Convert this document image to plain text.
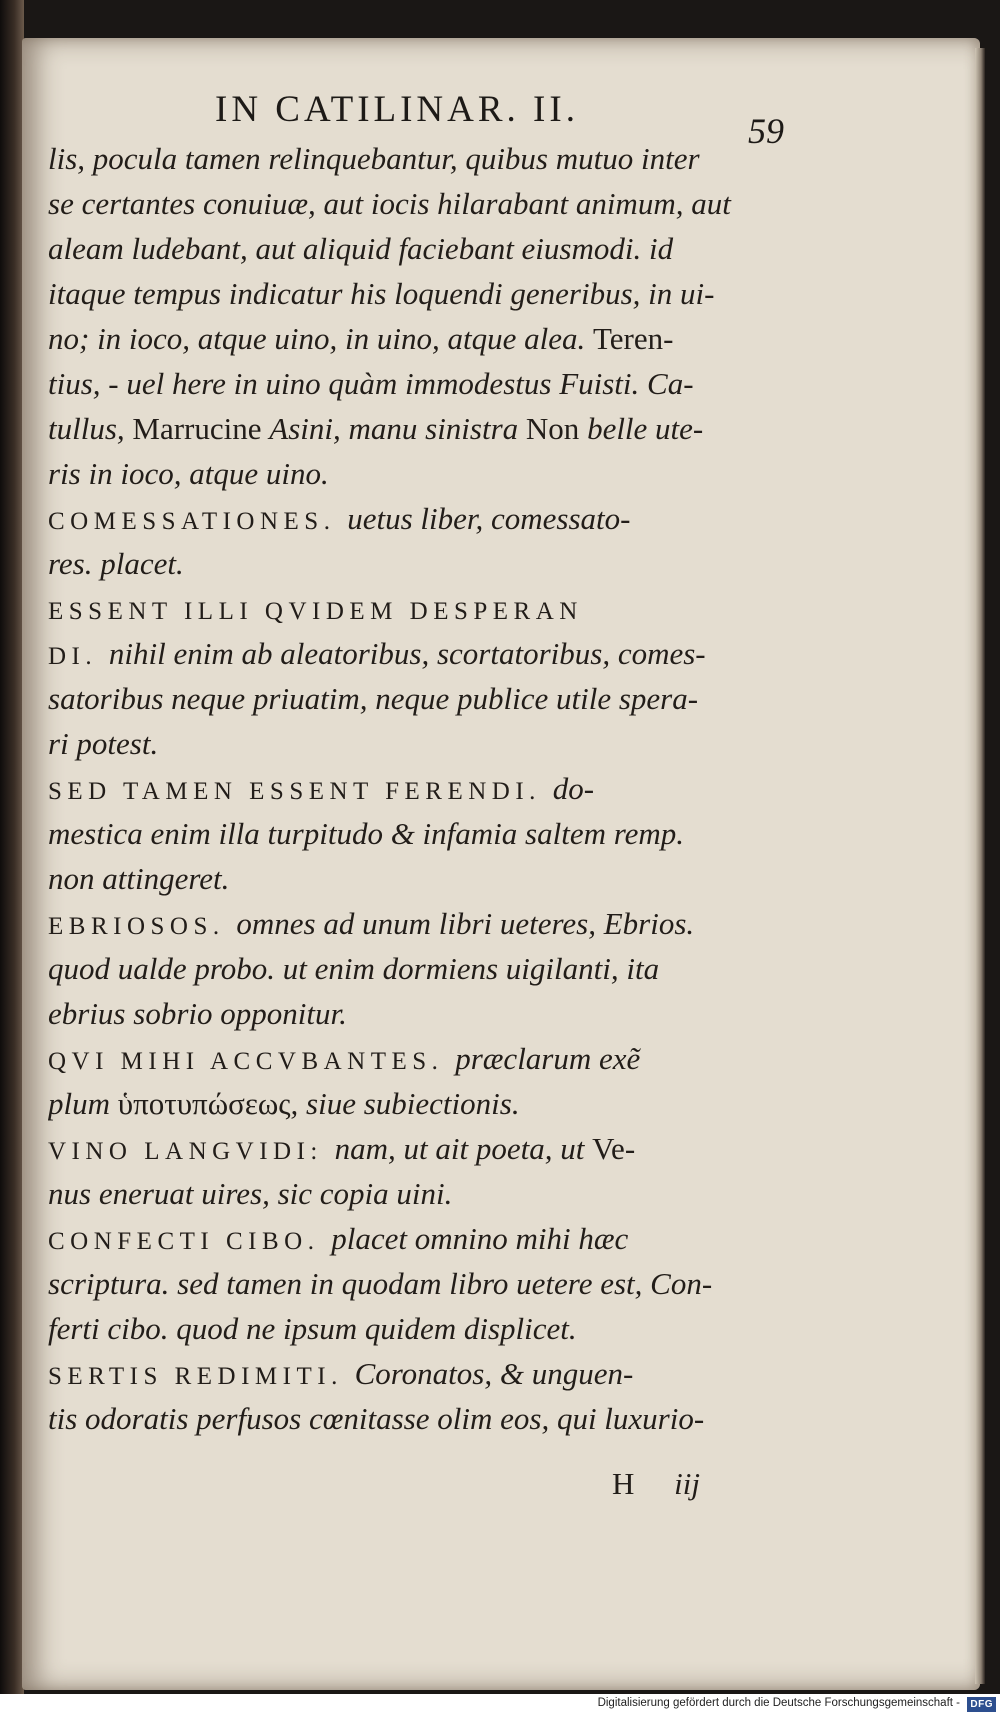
IN CATILINAR. II.
59
lis, pocula tamen relinquebantur, quibus mutuo inter
se certantes conuiuæ, aut iocis hilarabant animum, aut
aleam ludebant, aut aliquid faciebant eiusmodi. id
itaque tempus indicatur his loquendi generibus, in ui-
no; in ioco, atque uino, in uino, atque alea. Teren-
tius, - uel here in uino quàm immodestus Fuisti. Ca-
tullus, Marrucine Asini, manu sinistra Non belle ute-
ris in ioco, atque uino.
COMESSATIONES. uetus liber, comessato-
res. placet.
ESSENT ILLI QVIDEM DESPERAN
DI. nihil enim ab aleatoribus, scortatoribus, comes-
satoribus neque priuatim, neque publice utile spera-
ri potest.
SED TAMEN ESSENT FERENDI. do-
mestica enim illa turpitudo & infamia saltem remp.
non attingeret.
EBRIOSOS. omnes ad unum libri ueteres, Ebrios.
quod ualde probo. ut enim dormiens uigilanti, ita
ebrius sobrio opponitur.
QVI MIHI ACCVBANTES. præclarum exẽ
plum ὑποτυπώσεως, siue subiectionis.
VINO LANGVIDI: nam, ut ait poeta, ut Ve-
nus eneruat uires, sic copia uini.
CONFECTI CIBO. placet omnino mihi hæc
scriptura. sed tamen in quodam libro uetere est, Con-
ferti cibo. quod ne ipsum quidem displicet.
SERTIS REDIMITI. Coronatos, & unguen-
tis odoratis perfusos cœnitasse olim eos, qui luxurio-
H iij
Digitalisierung gefördert durch die Deutsche Forschungsgemeinschaft -	DFG
